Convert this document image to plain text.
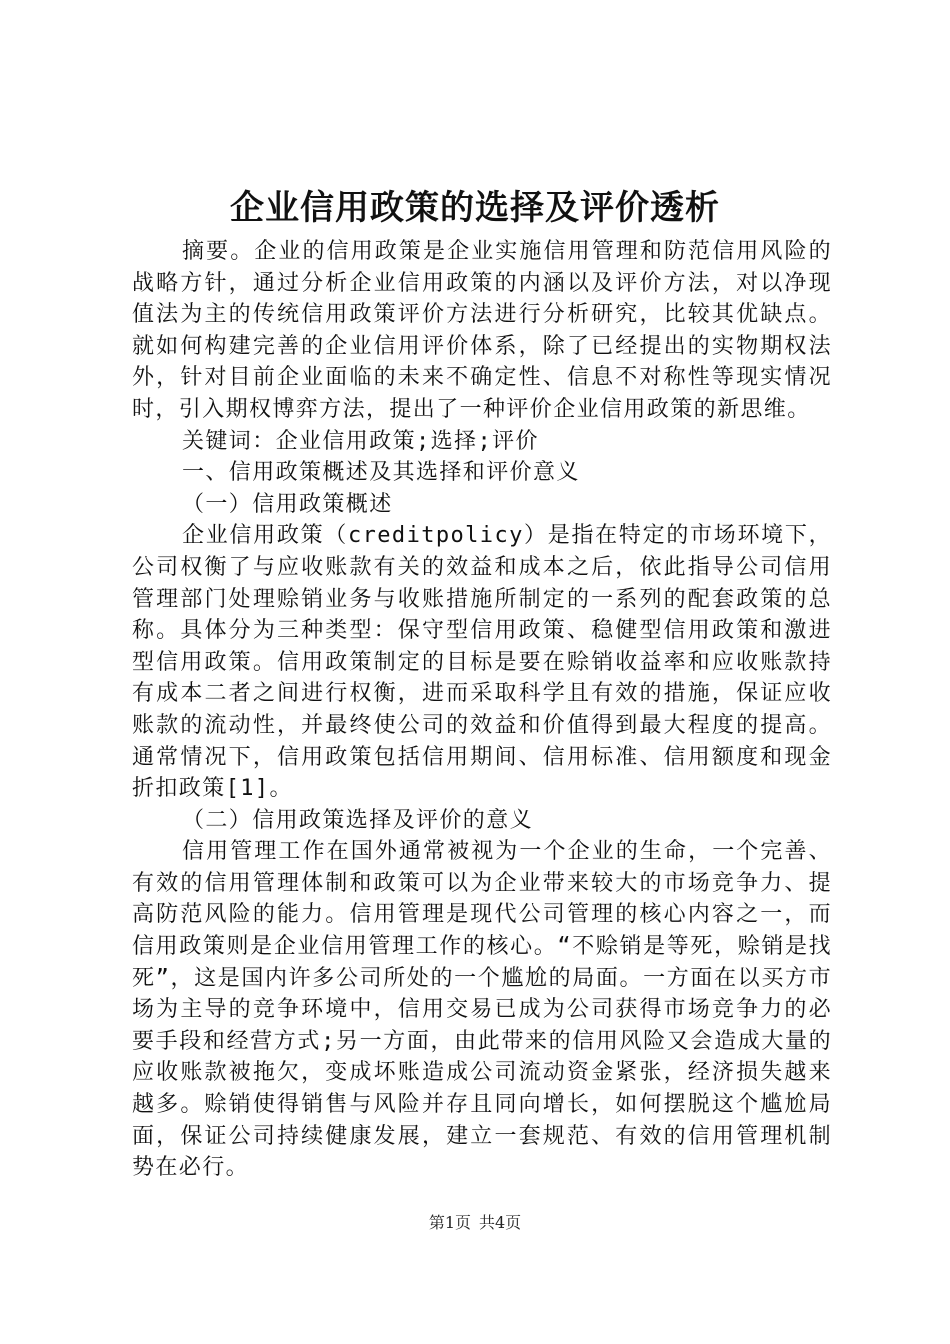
企业信用政策的选择及评价透析

摘要。企业的信用政策是企业实施信用管理和防范信用风险的战略方针，通过分析企业信用政策的内涵以及评价方法，对以净现值法为主的传统信用政策评价方法进行分析研究，比较其优缺点。就如何构建完善的企业信用评价体系，除了已经提出的实物期权法外，针对目前企业面临的未来不确定性、信息不对称性等现实情况时，引入期权博弈方法，提出了一种评价企业信用政策的新思维。

关键词：企业信用政策;选择;评价

一、信用政策概述及其选择和评价意义

（一）信用政策概述

企业信用政策（creditpolicy）是指在特定的市场环境下，公司权衡了与应收账款有关的效益和成本之后，依此指导公司信用管理部门处理赊销业务与收账措施所制定的一系列的配套政策的总称。具体分为三种类型：保守型信用政策、稳健型信用政策和激进型信用政策。信用政策制定的目标是要在赊销收益率和应收账款持有成本二者之间进行权衡，进而采取科学且有效的措施，保证应收账款的流动性，并最终使公司的效益和价值得到最大程度的提高。通常情况下，信用政策包括信用期间、信用标准、信用额度和现金折扣政策[1]。

（二）信用政策选择及评价的意义

信用管理工作在国外通常被视为一个企业的生命，一个完善、有效的信用管理体制和政策可以为企业带来较大的市场竞争力、提高防范风险的能力。信用管理是现代公司管理的核心内容之一，而信用政策则是企业信用管理工作的核心。“不赊销是等死，赊销是找死”，这是国内许多公司所处的一个尴尬的局面。一方面在以买方市场为主导的竞争环境中，信用交易已成为公司获得市场竞争力的必要手段和经营方式;另一方面，由此带来的信用风险又会造成大量的应收账款被拖欠，变成坏账造成公司流动资金紧张，经济损失越来越多。赊销使得销售与风险并存且同向增长，如何摆脱这个尴尬局面，保证公司持续健康发展，建立一套规范、有效的信用管理机制势在必行。

第1页 共4页
